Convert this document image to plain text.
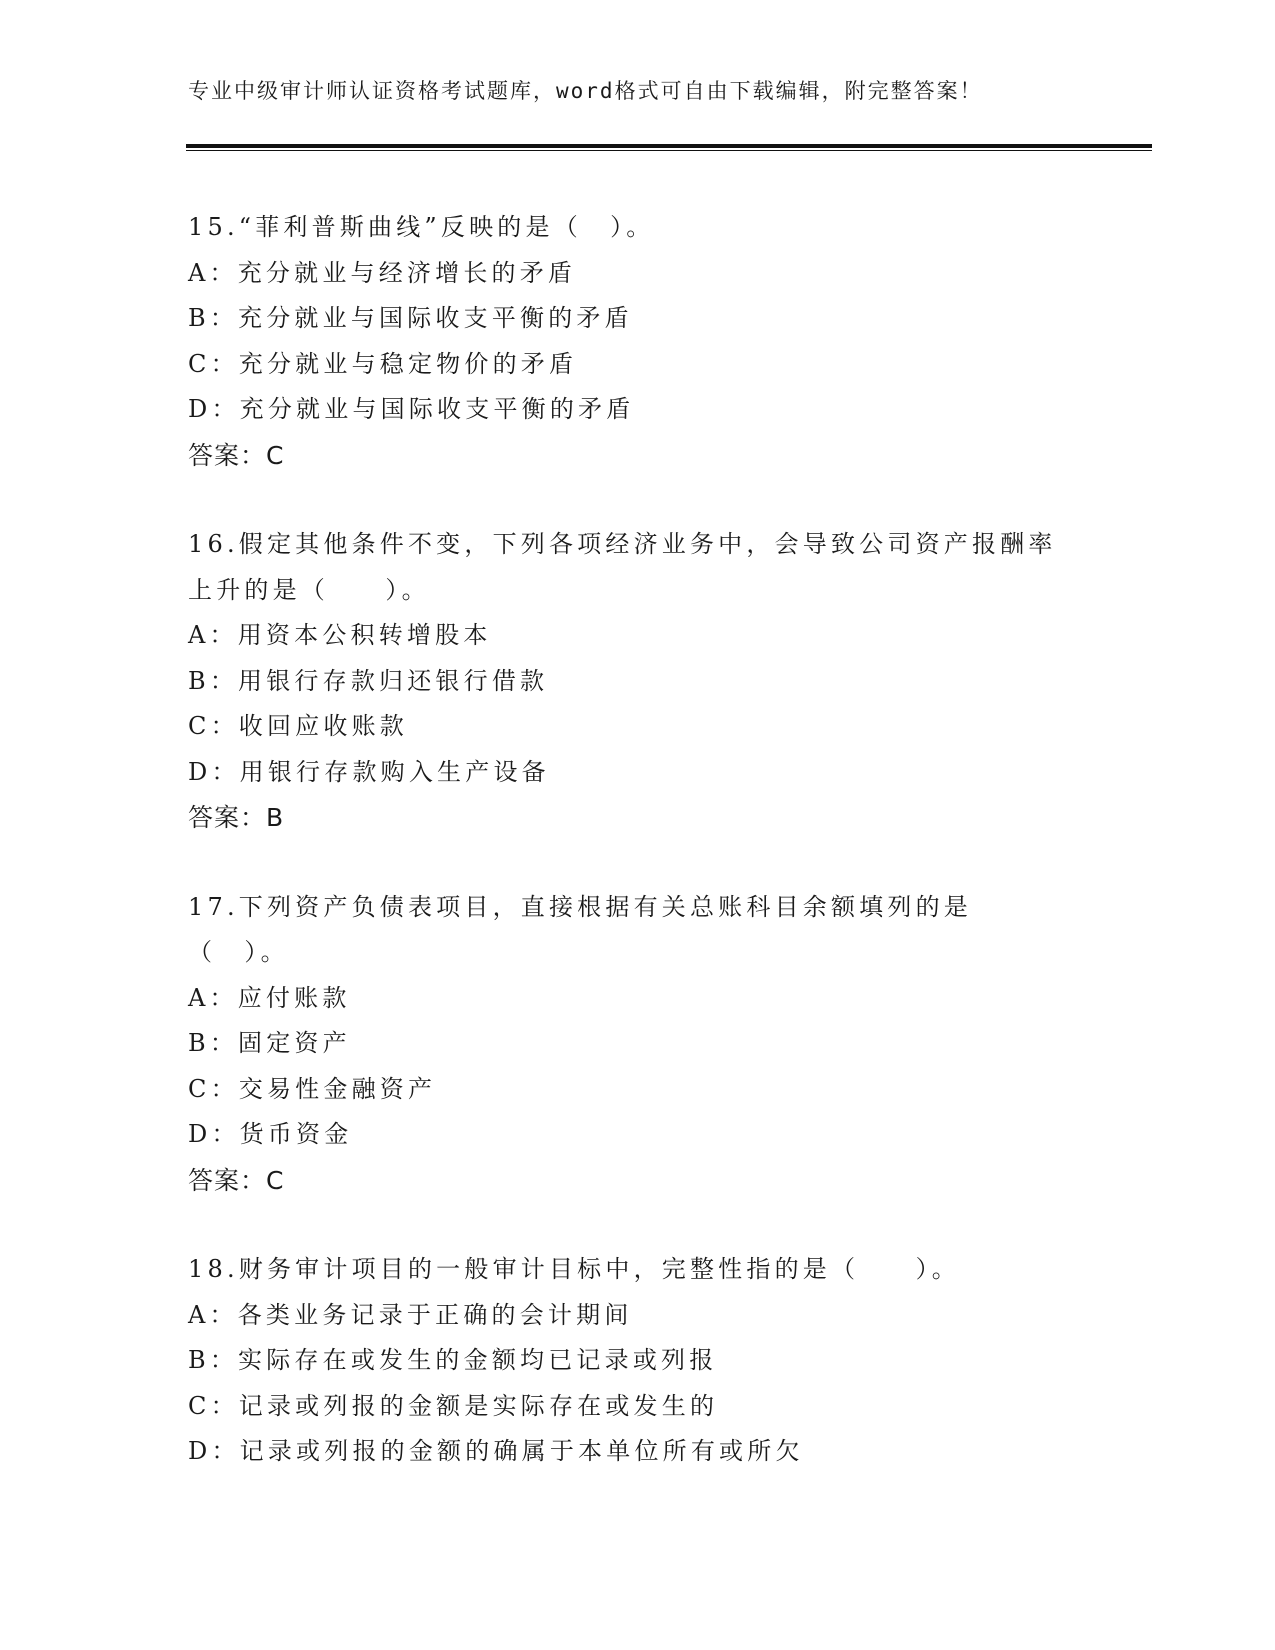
专业中级审计师认证资格考试题库，word格式可自由下载编辑，附完整答案！
15.“菲利普斯曲线”反映的是（　）。
A：充分就业与经济增长的矛盾
B：充分就业与国际收支平衡的矛盾
C：充分就业与稳定物价的矛盾
D：充分就业与国际收支平衡的矛盾
答案：C
16.假定其他条件不变，下列各项经济业务中，会导致公司资产报酬率上升的是（　　）。
A：用资本公积转增股本
B：用银行存款归还银行借款
C：收回应收账款
D：用银行存款购入生产设备
答案：B
17.下列资产负债表项目，直接根据有关总账科目余额填列的是（　）。
A：应付账款
B：固定资产
C：交易性金融资产
D：货币资金
答案：C
18.财务审计项目的一般审计目标中，完整性指的是（　　）。
A：各类业务记录于正确的会计期间
B：实际存在或发生的金额均已记录或列报
C：记录或列报的金额是实际存在或发生的
D：记录或列报的金额的确属于本单位所有或所欠
